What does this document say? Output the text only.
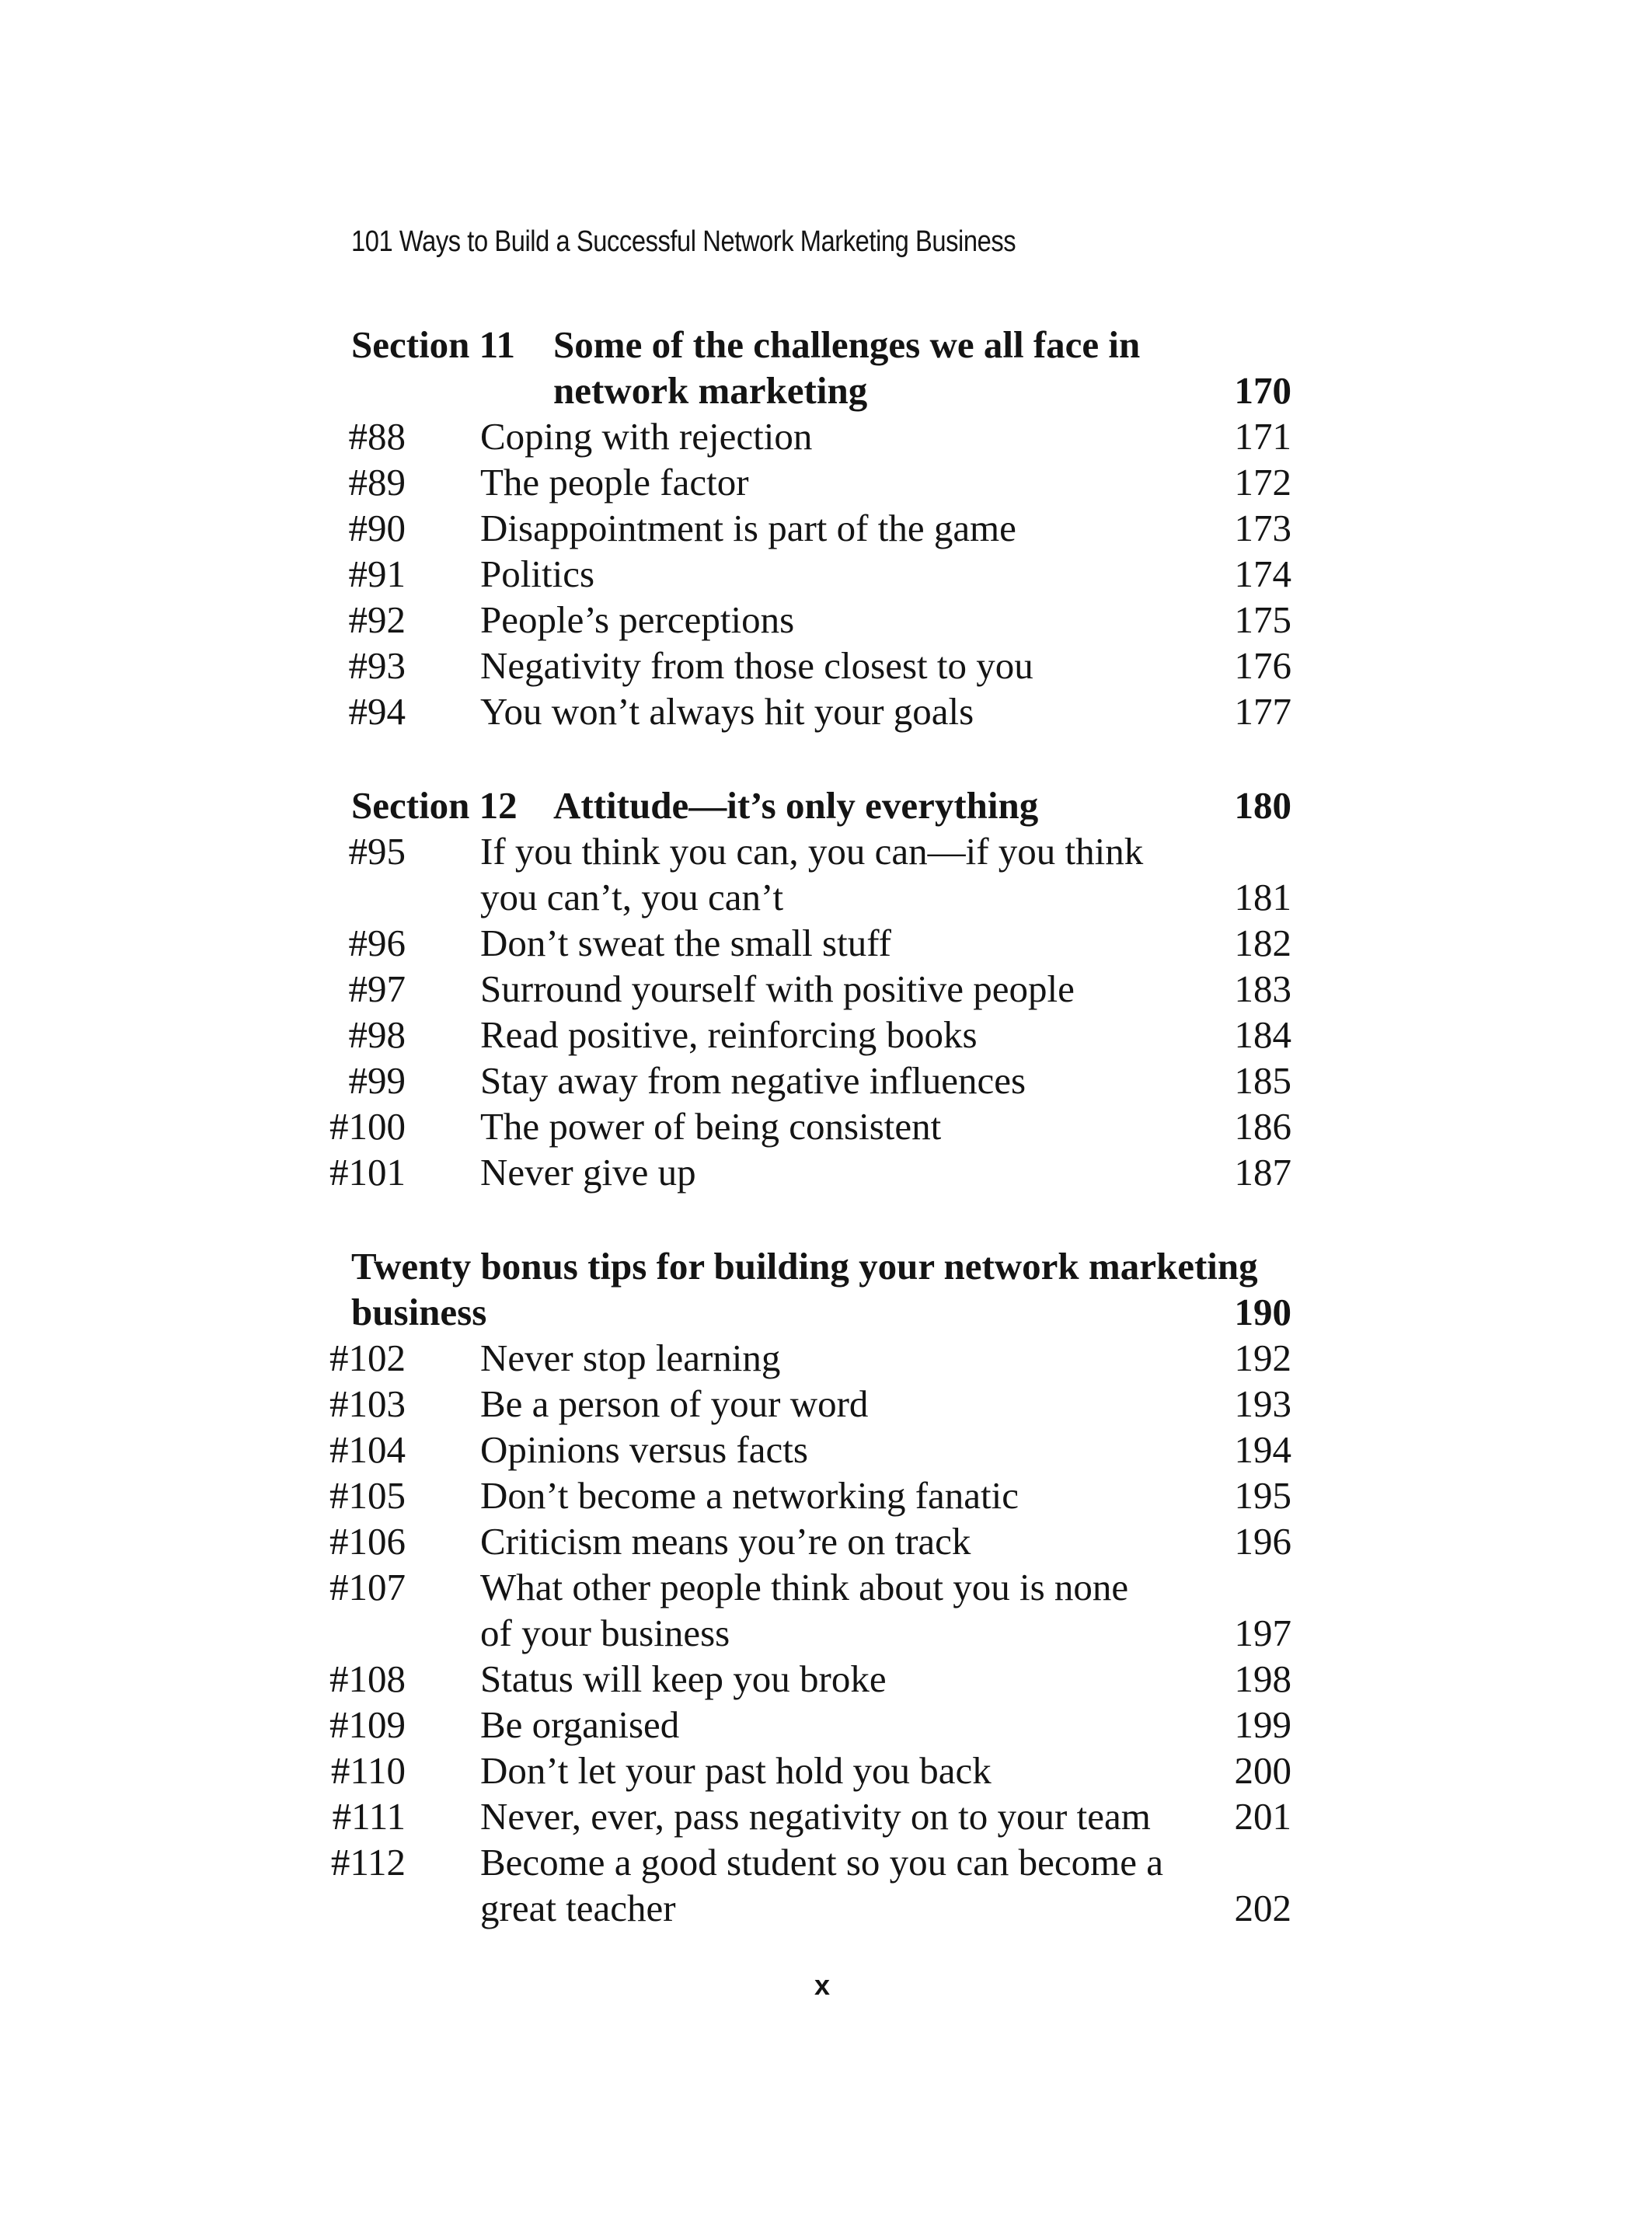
101 Ways to Build a Successful Network Marketing Business
Section 11 Some of the challenges we all face in
network marketing	170
#88 Coping with rejection	171
#89 The people factor	172
#90 Disappointment is part of the game	173
#91 Politics	174
#92 People’s perceptions	175
#93 Negativity from those closest to you	176
#94 You won’t always hit your goals	177
Section 12 Attitude—it’s only everything	180
#95 If you think you can, you can—if you think
you can’t, you can’t	181
#96 Don’t sweat the small stuff	182
#97 Surround yourself with positive people	183
#98 Read positive, reinforcing books	184
#99 Stay away from negative influences	185
#100 The power of being consistent	186
#101 Never give up	187
Twenty bonus tips for building your network marketing
business	190
#102 Never stop learning	192
#103 Be a person of your word	193
#104 Opinions versus facts	194
#105 Don’t become a networking fanatic	195
#106 Criticism means you’re on track	196
#107 What other people think about you is none
of your business	197
#108 Status will keep you broke	198
#109 Be organised	199
#110 Don’t let your past hold you back	200
#111 Never, ever, pass negativity on to your team 201
#112 Become a good student so you can become a
great teacher	202
x
